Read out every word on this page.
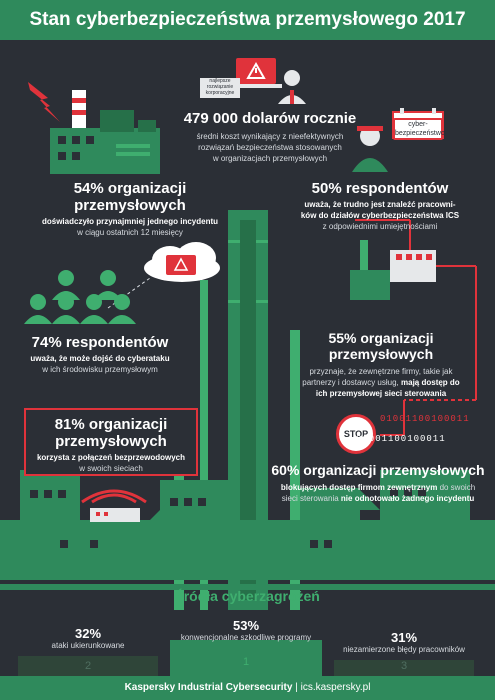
Stan cyberbezpieczeństwa przemysłowego 2017
najlepsze
rozwiązanie
korporacyjne
cyber-
bezpieczeństwo
479 000 dolarów rocznie
średni koszt wynikający z nieefektywnych
rozwiązań bezpieczeństwa stosowanych
w organizacjach przemysłowych
54% organizacji przemysłowych
doświadczyło przynajmniej jednego incydentu
w ciągu ostatnich 12 miesięcy
50% respondentów
uważa, że trudno jest znaleźć pracowni-
ków do działów cyberbezpieczeństwa ICS
z odpowiednimi umiejętnościami
74% respondentów
uważa, że może dojść do cyberataku
w ich środowisku przemysłowym
55% organizacji przemysłowych
przyznaje, że zewnętrzne firmy, takie jak
partnerzy i dostawcy usług, mają dostęp do
ich przemysłowej sieci sterowania
81% organizacji
przemysłowych
korzysta z połączeń bezprzewodowych
w swoich sieciach
STOP
01001100100011
01001100100011
60% organizacji przemysłowych
blokujących dostęp firmom zewnętrznym do swoich
sieci sterowania nie odnotowało żadnego incydentu
Źródła cyberzagrożeń
32%
ataki ukierunkowane
53%
konwencjonalne szkodliwe programy	31%
niezamierzone błędy pracowników
2	1	3
Kaspersky Industrial Cybersecurity | ics.kaspersky.pl
